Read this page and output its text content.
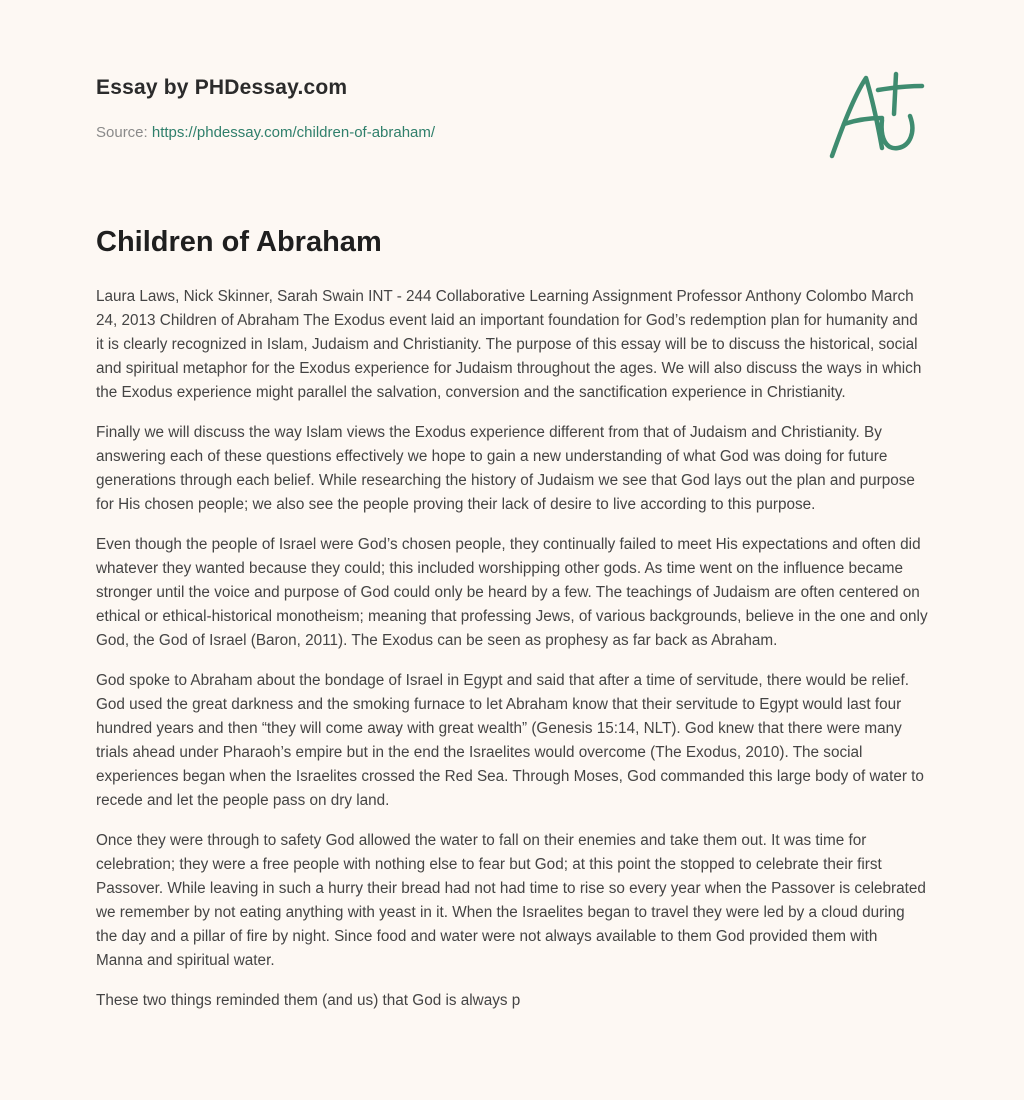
Essay by PHDessay.com
Source: https://phdessay.com/children-of-abraham/
Children of Abraham

Laura Laws, Nick Skinner, Sarah Swain INT - 244 Collaborative Learning Assignment Professor Anthony Colombo March 24, 2013 Children of Abraham The Exodus event laid an important foundation for God’s redemption plan for humanity and it is clearly recognized in Islam, Judaism and Christianity. The purpose of this essay will be to discuss the historical, social and spiritual metaphor for the Exodus experience for Judaism throughout the ages. We will also discuss the ways in which the Exodus experience might parallel the salvation, conversion and the sanctification experience in Christianity.

Finally we will discuss the way Islam views the Exodus experience different from that of Judaism and Christianity. By answering each of these questions effectively we hope to gain a new understanding of what God was doing for future generations through each belief. While researching the history of Judaism we see that God lays out the plan and purpose for His chosen people; we also see the people proving their lack of desire to live according to this purpose.

Even though the people of Israel were God’s chosen people, they continually failed to meet His expectations and often did whatever they wanted because they could; this included worshipping other gods. As time went on the influence became stronger until the voice and purpose of God could only be heard by a few. The teachings of Judaism are often centered on ethical or ethical-historical monotheism; meaning that professing Jews, of various backgrounds, believe in the one and only God, the God of Israel (Baron, 2011). The Exodus can be seen as prophesy as far back as Abraham.

God spoke to Abraham about the bondage of Israel in Egypt and said that after a time of servitude, there would be relief. God used the great darkness and the smoking furnace to let Abraham know that their servitude to Egypt would last four hundred years and then “they will come away with great wealth” (Genesis 15:14, NLT). God knew that there were many trials ahead under Pharaoh’s empire but in the end the Israelites would overcome (The Exodus, 2010). The social experiences began when the Israelites crossed the Red Sea. Through Moses, God commanded this large body of water to recede and let the people pass on dry land.

Once they were through to safety God allowed the water to fall on their enemies and take them out. It was time for celebration; they were a free people with nothing else to fear but God; at this point the stopped to celebrate their first Passover. While leaving in such a hurry their bread had not had time to rise so every year when the Passover is celebrated we remember by not eating anything with yeast in it. When the Israelites began to travel they were led by a cloud during the day and a pillar of fire by night. Since food and water were not always available to them God provided them with Manna and spiritual water.

These two things reminded them (and us) that God is always p
